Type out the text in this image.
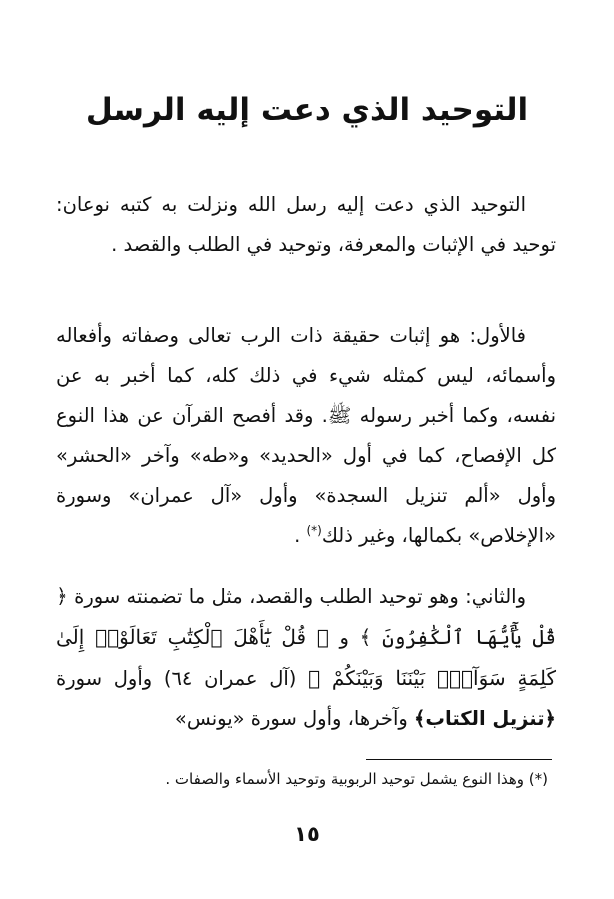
التوحيد الذي دعت إليه الرسل

التوحيد الذي دعت إليه رسل الله ونزلت به كتبه نوعان: توحيد في الإثبات والمعرفة، وتوحيد في الطلب والقصد .

فالأول: هو إثبات حقيقة ذات الرب تعالى وصفاته وأفعاله وأسمائه، ليس كمثله شيء في ذلك كله، كما أخبر به عن نفسه، وكما أخبر رسوله ﷺ. وقد أفصح القرآن عن هذا النوع كل الإفصاح، كما في أول «الحديد» و«طه» وآخر «الحشر» وأول «ألم تنزيل السجدة» وأول «آل عمران» وسورة «الإخلاص» بكمالها، وغير ذلك(*) .

والثاني: وهو توحيد الطلب والقصد، مثل ما تضمنته سورة ﴿ قُلْ يَٰٓأَيُّهَا ٱلْكَٰفِرُونَ ﴾ و ﴿ قُلْ يَٰٓأَهْلَ ٱلْكِتَٰبِ تَعَالَوْا۟ إِلَىٰ كَلِمَةٍ سَوَآءٍۭ بَيْنَنَا وَبَيْنَكُمْ ﴾ (آل عمران ٦٤) وأول سورة ﴿تنزيل الكتاب﴾ وآخرها، وأول سورة «يونس»

(*) وهذا النوع يشمل توحيد الربوبية وتوحيد الأسماء والصفات .
١٥
